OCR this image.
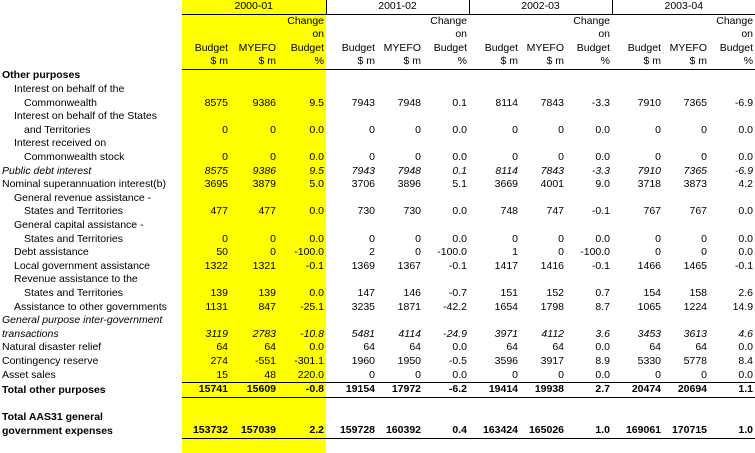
	2000-01			2001-02			2002-03			2003-04		
			Change			Change			Change			Change
			on			on			on			on
	Budget	MYEFO	Budget	Budget	MYEFO	Budget	Budget	MYEFO	Budget	Budget	MYEFO	Budget
	$ m	$ m	%	$ m	$ m	%	$ m	$ m	%	$ m	$ m	%
Other purposes												
Interest on behalf of the												
Commonwealth	8575	9386	9.5	7943	7948	0.1	8114	7843	-3.3	7910	7365	-6.9
Interest on behalf of the States												
and Territories	0	0	0.0	0	0	0.0	0	0	0.0	0	0	0.0
Interest received on												
Commonwealth stock	0	0	0.0	0	0	0.0	0	0	0.0	0	0	0.0
Public debt interest	8575	9386	9.5	7943	7948	0.1	8114	7843	-3.3	7910	7365	-6.9
Nominal superannuation interest(b)	3695	3879	5.0	3706	3896	5.1	3669	4001	9.0	3718	3873	4.2
General revenue assistance -												
States and Territories	477	477	0.0	730	730	0.0	748	747	-0.1	767	767	0.0
General capital assistance -												
States and Territories	0	0	0.0	0	0	0.0	0	0	0.0	0	0	0.0
Debt assistance	50	0	-100.0	2	0	-100.0	1	0	-100.0	0	0	0.0
Local government assistance	1322	1321	-0.1	1369	1367	-0.1	1417	1416	-0.1	1466	1465	-0.1
Revenue assistance to the												
States and Territories	139	139	0.0	147	146	-0.7	151	152	0.7	154	158	2.6
Assistance to other governments	1131	847	-25.1	3235	1871	-42.2	1654	1798	8.7	1065	1224	14.9
General purpose inter-government												
transactions	3119	2783	-10.8	5481	4114	-24.9	3971	4112	3.6	3453	3613	4.6
Natural disaster relief	64	64	0.0	64	64	0.0	64	64	0.0	64	64	0.0
Contingency reserve	274	-551	-301.1	1960	1950	-0.5	3596	3917	8.9	5330	5778	8.4
Asset sales	15	48	220.0	0	0	0.0	0	0	0.0	0	0	0.0
Total other purposes	15741	15609	-0.8	19154	17972	-6.2	19414	19938	2.7	20474	20694	1.1

Total AAS31 general												
government expenses	153732	157039	2.2	159728	160392	0.4	163424	165026	1.0	169061	170715	1.0
